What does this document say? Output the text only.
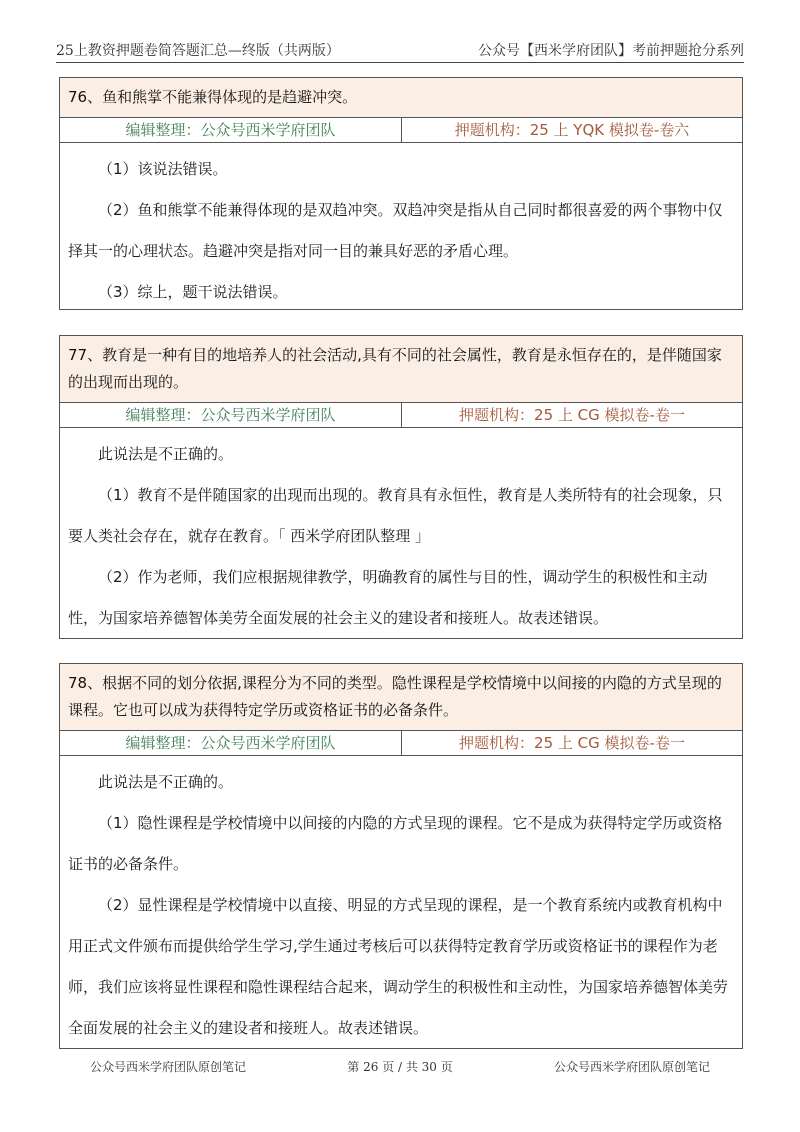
25上教资押题卷简答题汇总—终版（共两版）	公众号【西米学府团队】考前押题抢分系列
76、鱼和熊掌不能兼得体现的是趋避冲突。
编辑整理：公众号西米学府团队	押题机构：25 上 YQK 模拟卷-卷六

（1）该说法错误。

（2）鱼和熊掌不能兼得体现的是双趋冲突。双趋冲突是指从自己同时都很喜爱的两个事物中仅择其一的心理状态。趋避冲突是指对同一目的兼具好恶的矛盾心理。

（3）综上，题干说法错误。

77、教育是一种有目的地培养人的社会活动,具有不同的社会属性，教育是永恒存在的，是伴随国家的出现而出现的。
编辑整理：公众号西米学府团队	押题机构：25 上 CG 模拟卷-卷一

此说法是不正确的。

（1）教育不是伴随国家的出现而出现的。教育具有永恒性，教育是人类所特有的社会现象，只要人类社会存在，就存在教育。「 西米学府团队整理 」

（2）作为老师，我们应根据规律教学，明确教育的属性与目的性，调动学生的积极性和主动性，为国家培养德智体美劳全面发展的社会主义的建设者和接班人。故表述错误。

78、根据不同的划分依据,课程分为不同的类型。隐性课程是学校情境中以间接的内隐的方式呈现的课程。它也可以成为获得特定学历或资格证书的必备条件。
编辑整理：公众号西米学府团队	押题机构：25 上 CG 模拟卷-卷一

此说法是不正确的。

（1）隐性课程是学校情境中以间接的内隐的方式呈现的课程。它不是成为获得特定学历或资格证书的必备条件。

（2）显性课程是学校情境中以直接、明显的方式呈现的课程，是一个教育系统内或教育机构中用正式文件颁布而提供给学生学习,学生通过考核后可以获得特定教育学历或资格证书的课程作为老师，我们应该将显性课程和隐性课程结合起来，调动学生的积极性和主动性，为国家培养德智体美劳全面发展的社会主义的建设者和接班人。故表述错误。

公众号西米学府团队原创笔记	第 26 页 / 共 30 页	公众号西米学府团队原创笔记
